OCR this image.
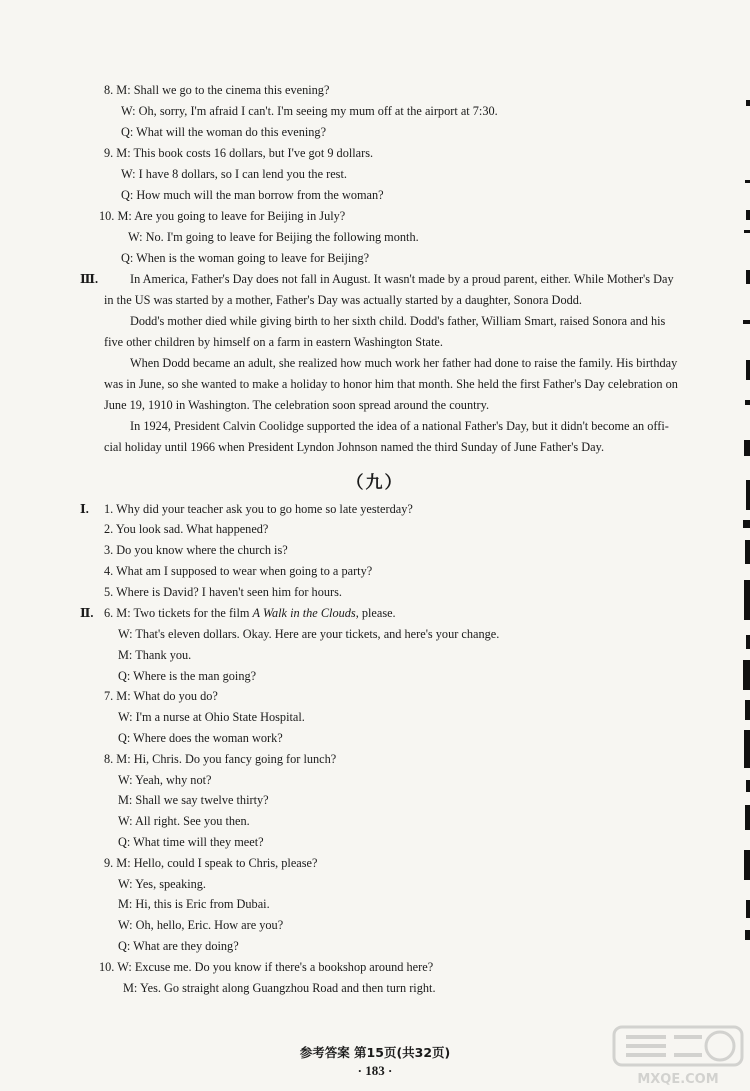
8. M: Shall we go to the cinema this evening?
W: Oh, sorry, I'm afraid I can't. I'm seeing my mum off at the airport at 7:30.
Q: What will the woman do this evening?
9. M: This book costs 16 dollars, but I've got 9 dollars.
W: I have 8 dollars, so I can lend you the rest.
Q: How much will the man borrow from the woman?
10. M: Are you going to leave for Beijing in July?
W: No. I'm going to leave for Beijing the following month.
Q: When is the woman going to leave for Beijing?
Ⅲ.	In America, Father's Day does not fall in August. It wasn't made by a proud parent, either. While Mother's Day
in the US was started by a mother, Father's Day was actually started by a daughter, Sonora Dodd.
Dodd's mother died while giving birth to her sixth child. Dodd's father, William Smart, raised Sonora and his
five other children by himself on a farm in eastern Washington State.
When Dodd became an adult, she realized how much work her father had done to raise the family. His birthday
was in June, so she wanted to make a holiday to honor him that month. She held the first Father's Day celebration on
June 19, 1910 in Washington. The celebration soon spread around the country.
In 1924, President Calvin Coolidge supported the idea of a national Father's Day, but it didn't become an offi-
cial holiday until 1966 when President Lyndon Johnson named the third Sunday of June Father's Day.
（九）
Ⅰ. 1. Why did your teacher ask you to go home so late yesterday?
2. You look sad. What happened?
3. Do you know where the church is?
4. What am I supposed to wear when going to a party?
5. Where is David? I haven't seen him for hours.
Ⅱ. 6. M: Two tickets for the film A Walk in the Clouds, please.
W: That's eleven dollars. Okay. Here are your tickets, and here's your change.
M: Thank you.
Q: Where is the man going?
7. M: What do you do?
W: I'm a nurse at Ohio State Hospital.
Q: Where does the woman work?
8. M: Hi, Chris. Do you fancy going for lunch?
W: Yeah, why not?
M: Shall we say twelve thirty?
W: All right. See you then.
Q: What time will they meet?
9. M: Hello, could I speak to Chris, please?
W: Yes, speaking.
M: Hi, this is Eric from Dubai.
W: Oh, hello, Eric. How are you?
Q: What are they doing?
10. W: Excuse me. Do you know if there's a bookshop around here?
M: Yes. Go straight along Guangzhou Road and then turn right.
参考答案 第15页(共32页)
· 183 ·
MXQE.COM
